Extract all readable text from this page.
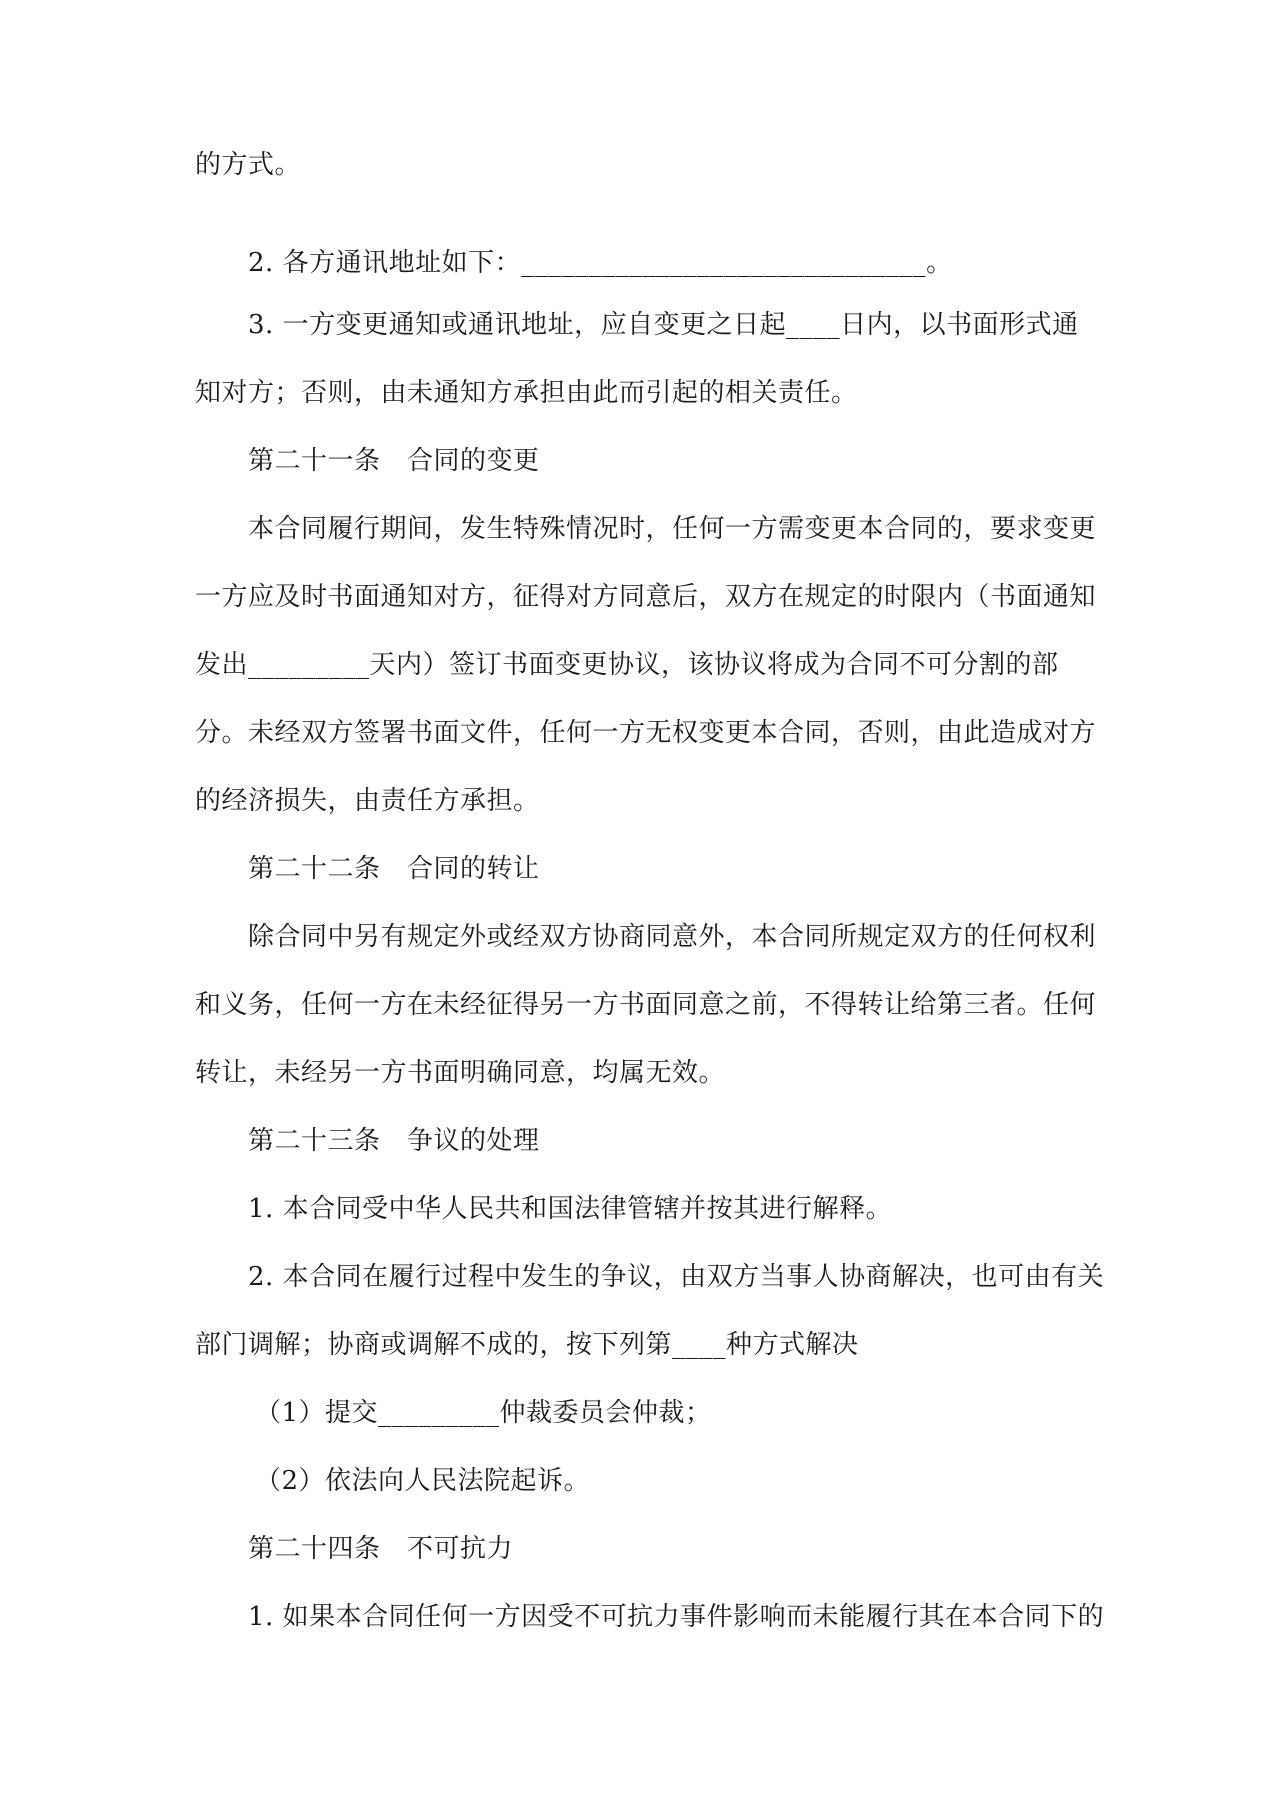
的方式。
2. 各方通讯地址如下：______________________________。
3. 一方变更通知或通讯地址，应自变更之日起____日内，以书面形式通
知对方；否则，由未通知方承担由此而引起的相关责任。
第二十一条　合同的变更
本合同履行期间，发生特殊情况时，任何一方需变更本合同的，要求变更
一方应及时书面通知对方，征得对方同意后，双方在规定的时限内（书面通知
发出_________天内）签订书面变更协议，该协议将成为合同不可分割的部
分。未经双方签署书面文件，任何一方无权变更本合同，否则，由此造成对方
的经济损失，由责任方承担。
第二十二条　合同的转让
除合同中另有规定外或经双方协商同意外，本合同所规定双方的任何权利
和义务，任何一方在未经征得另一方书面同意之前，不得转让给第三者。任何
转让，未经另一方书面明确同意，均属无效。
第二十三条　争议的处理
1. 本合同受中华人民共和国法律管辖并按其进行解释。
2. 本合同在履行过程中发生的争议，由双方当事人协商解决，也可由有关
部门调解；协商或调解不成的，按下列第____种方式解决
（1）提交_________仲裁委员会仲裁；
（2）依法向人民法院起诉。
第二十四条　不可抗力
1. 如果本合同任何一方因受不可抗力事件影响而未能履行其在本合同下的
